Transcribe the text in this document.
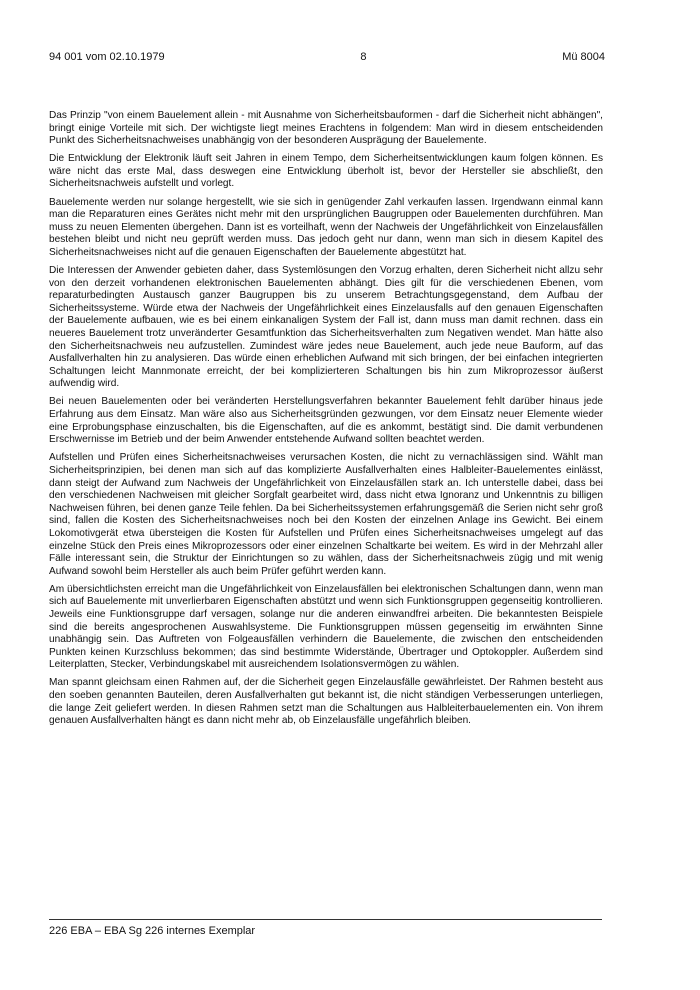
94 001 vom 02.10.1979	8	Mü 8004

Das Prinzip "von einem Bauelement allein - mit Ausnahme von Sicherheitsbauformen - darf die Sicherheit nicht abhängen", bringt einige Vorteile mit sich. Der wichtigste liegt meines Erachtens in folgendem: Man wird in diesem entscheidenden Punkt des Sicherheitsnachweises unabhängig von der besonderen Ausprägung der Bauelemente.

Die Entwicklung der Elektronik läuft seit Jahren in einem Tempo, dem Sicherheitsentwicklungen kaum folgen können. Es wäre nicht das erste Mal, dass deswegen eine Entwicklung überholt ist, bevor der Hersteller sie abschließt, den Sicherheitsnachweis aufstellt und vorlegt.

Bauelemente werden nur solange hergestellt, wie sie sich in genügender Zahl verkaufen lassen. Irgendwann einmal kann man die Reparaturen eines Gerätes nicht mehr mit den ursprünglichen Baugruppen oder Bauelementen durchführen. Man muss zu neuen Elementen übergehen. Dann ist es vorteilhaft, wenn der Nachweis der Ungefährlichkeit von Einzelausfällen bestehen bleibt und nicht neu geprüft werden muss. Das jedoch geht nur dann, wenn man sich in diesem Kapitel des Sicherheitsnachweises nicht auf die genauen Eigenschaften der Bauelemente abgestützt hat.

Die Interessen der Anwender gebieten daher, dass Systemlösungen den Vorzug erhalten, deren Sicherheit nicht allzu sehr von den derzeit vorhandenen elektronischen Bauelementen abhängt. Dies gilt für die verschiedenen Ebenen, vom reparaturbedingten Austausch ganzer Baugruppen bis zu unserem Betrachtungsgegenstand, dem Aufbau der Sicherheitssysteme. Würde etwa der Nachweis der Ungefährlichkeit eines Einzelausfalls auf den genauen Eigenschaften der Bauelemente aufbauen, wie es bei einem einkanaligen System der Fall ist, dann muss man damit rechnen. dass ein neueres Bauelement trotz unveränderter Gesamtfunktion das Sicherheitsverhalten zum Negativen wendet. Man hätte also den Sicherheitsnachweis neu aufzustellen. Zumindest wäre jedes neue Bauelement, auch jede neue Bauform, auf das Ausfallverhalten hin zu analysieren. Das würde einen erheblichen Aufwand mit sich bringen, der bei einfachen integrierten Schaltungen leicht Mannmonate erreicht, der bei komplizierteren Schaltungen bis hin zum Mikroprozessor äußerst aufwendig wird.

Bei neuen Bauelementen oder bei veränderten Herstellungsverfahren bekannter Bauelement fehlt darüber hinaus jede Erfahrung aus dem Einsatz. Man wäre also aus Sicherheitsgründen gezwungen, vor dem Einsatz neuer Elemente wieder eine Erprobungsphase einzuschalten, bis die Eigenschaften, auf die es ankommt, bestätigt sind. Die damit verbundenen Erschwernisse im Betrieb und der beim Anwender entstehende Aufwand sollten beachtet werden.

Aufstellen und Prüfen eines Sicherheitsnachweises verursachen Kosten, die nicht zu vernachlässigen sind. Wählt man Sicherheitsprinzipien, bei denen man sich auf das komplizierte Ausfallverhalten eines Halbleiter-Bauelementes einlässt, dann steigt der Aufwand zum Nachweis der Ungefährlichkeit von Einzelausfällen stark an. Ich unterstelle dabei, dass bei den verschiedenen Nachweisen mit gleicher Sorgfalt gearbeitet wird, dass nicht etwa Ignoranz und Unkenntnis zu billigen Nachweisen führen, bei denen ganze Teile fehlen. Da bei Sicherheitssystemen erfahrungsgemäß die Serien nicht sehr groß sind, fallen die Kosten des Sicherheitsnachweises noch bei den Kosten der einzelnen Anlage ins Gewicht. Bei einem Lokomotivgerät etwa übersteigen die Kosten für Aufstellen und Prüfen eines Sicherheitsnachweises umgelegt auf das einzelne Stück den Preis eines Mikroprozessors oder einer einzelnen Schaltkarte bei weitem. Es wird in der Mehrzahl aller Fälle interessant sein, die Struktur der Einrichtungen so zu wählen, dass der Sicherheitsnachweis zügig und mit wenig Aufwand sowohl beim Hersteller als auch beim Prüfer geführt werden kann.

Am übersichtlichsten erreicht man die Ungefährlichkeit von Einzelausfällen bei elektronischen Schaltungen dann, wenn man sich auf Bauelemente mit unverlierbaren Eigenschaften abstützt und wenn sich Funktionsgruppen gegenseitig kontrollieren. Jeweils eine Funktionsgruppe darf versagen, solange nur die anderen einwandfrei arbeiten. Die bekanntesten Beispiele sind die bereits angesprochenen Auswahlsysteme. Die Funktionsgruppen müssen gegenseitig im erwähnten Sinne unabhängig sein. Das Auftreten von Folgeausfällen verhindern die Bauelemente, die zwischen den entscheidenden Punkten keinen Kurzschluss bekommen; das sind bestimmte Widerstände, Übertrager und Optokoppler. Außerdem sind Leiterplatten, Stecker, Verbindungskabel mit ausreichendem Isolationsvermögen zu wählen.

Man spannt gleichsam einen Rahmen auf, der die Sicherheit gegen Einzelausfälle gewährleistet. Der Rahmen besteht aus den soeben genannten Bauteilen, deren Ausfallverhalten gut bekannt ist, die nicht ständigen Verbesserungen unterliegen, die lange Zeit geliefert werden. In diesen Rahmen setzt man die Schaltungen aus Halbleiterbauelementen ein. Von ihrem genauen Ausfallverhalten hängt es dann nicht mehr ab, ob Einzelausfälle ungefährlich bleiben.

226 EBA – EBA Sg 226 internes Exemplar
